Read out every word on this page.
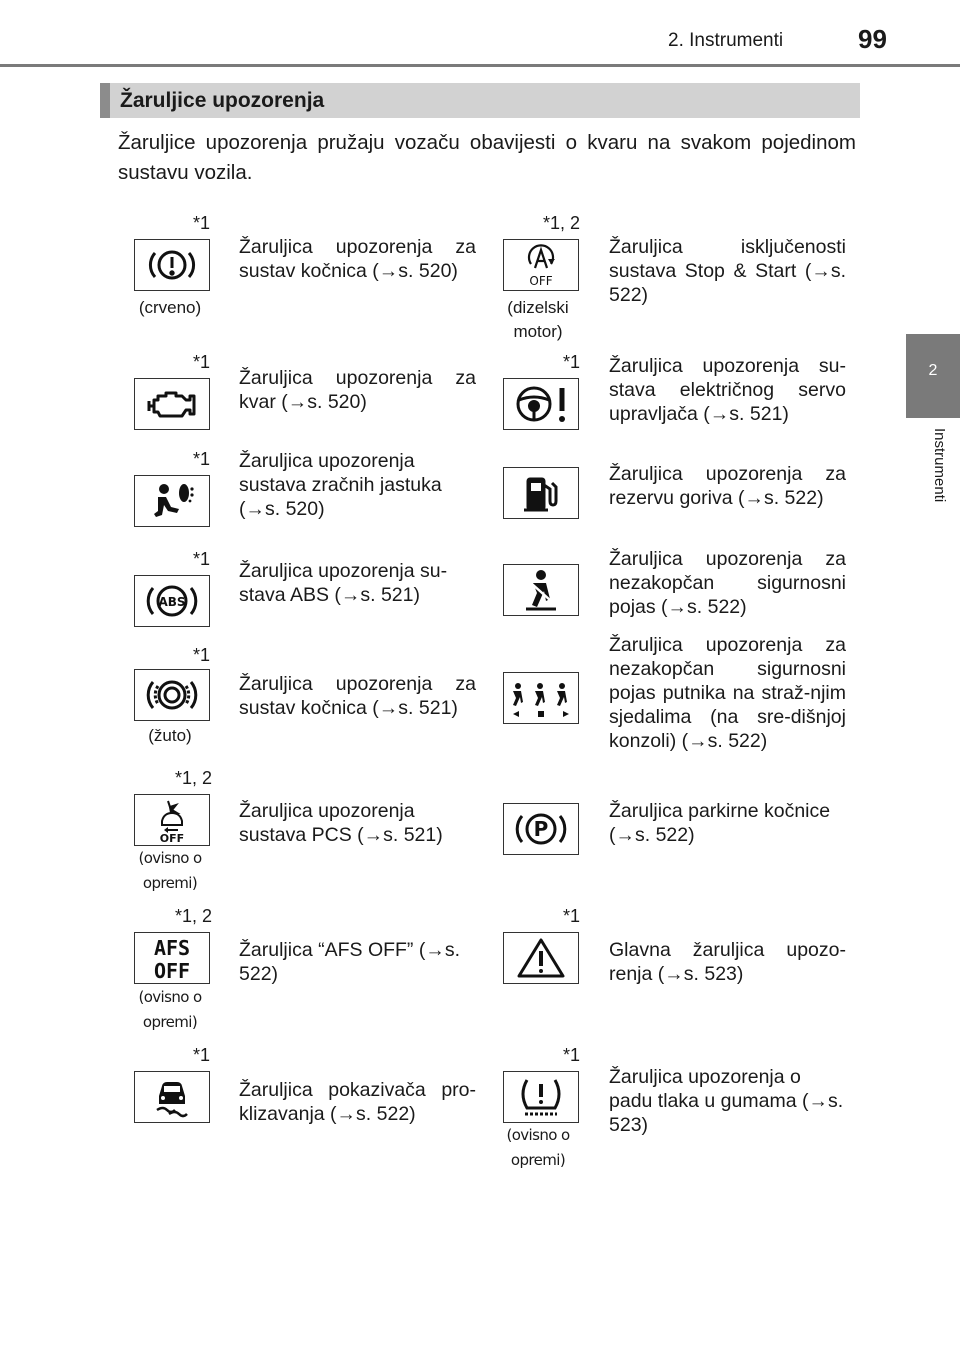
2. Instrumenti	99
2
Instrumenti
Žaruljice upozorenja
Žaruljice upozorenja pružaju vozaču obavijesti o kvaru na svakom pojedinom sustavu vozila.
*1
(crveno)
Žaruljica upozorenja za sustav kočnica (→s. 520)
*1, 2
OFF
(dizelski motor)
Žaruljica isključenosti sustava Stop & Start (→s. 522)
*1
Žaruljica upozorenja za kvar (→s. 520)
*1 Žaruljica upozorenja su-stava električnog servo upravljača (→s. 521)
*1 Žaruljica upozorenja sustava zračnih jastuka (→s. 520)
Žaruljica upozorenja za rezervu goriva (→s. 522)
*1
ABS
Žaruljica upozorenja su-stava ABS (→s. 521)
Žaruljica upozorenja za nezakopčan sigurnosni pojas (→s. 522)
*1
(žuto)
Žaruljica upozorenja za sustav kočnica (→s. 521)
Žaruljica upozorenja za nezakopčan sigurnosni pojas putnika na straž-njim sjedalima (na sre-dišnjoj konzoli) (→s. 522)
*1, 2
OFF
(ovisno o opremi)
Žaruljica upozorenja sustava PCS (→s. 521)	P
Žaruljica parkirne kočnice (→s. 522)
*1, 2
AFS
OFF
(ovisno o opremi)
Žaruljica “AFS OFF” (→s. 522)
*1
Glavna žaruljica upozo-renja (→s. 523)
*1
Žaruljica pokazivača pro-klizavanja (→s. 522)
*1
(ovisno o opremi)
Žaruljica upozorenja o padu tlaka u gumama (→s. 523)
